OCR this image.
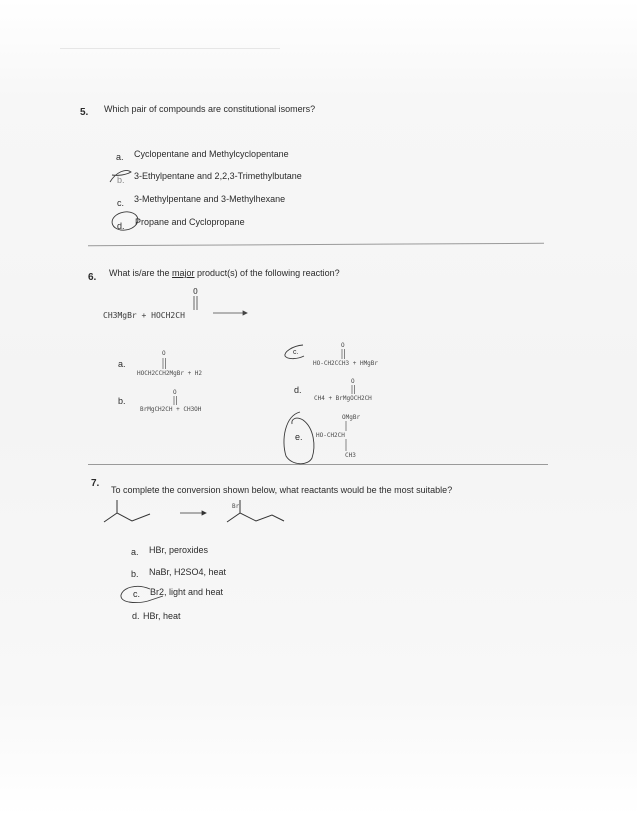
5. Which pair of compounds are constitutional isomers?
a. Cyclopentane and Methylcyclopentane
b. 3-Ethylpentane and 2,2,3-Trimethylbutane
c. 3-Methylpentane and 3-Methylhexane
d. Propane and Cyclopropane
6. What is/are the major product(s) of the following reaction?
O
CH3MgBr + HOCH2CH
a.
O
HOCH2CCH2MgBr + H2
b.
O
BrMgCH2CH + CH3OH
c.
O
HO-CH2CCH3 + HMgBr
d.
O
CH4 + BrMgOCH2CH
e.
OMgBr
HO-CH2CH
CH3
7.
To complete the conversion shown below, what reactants would be the most suitable?
Br
a. HBr, peroxides
b. NaBr, H2SO4, heat
c. Br2, light and heat
d. HBr, heat
